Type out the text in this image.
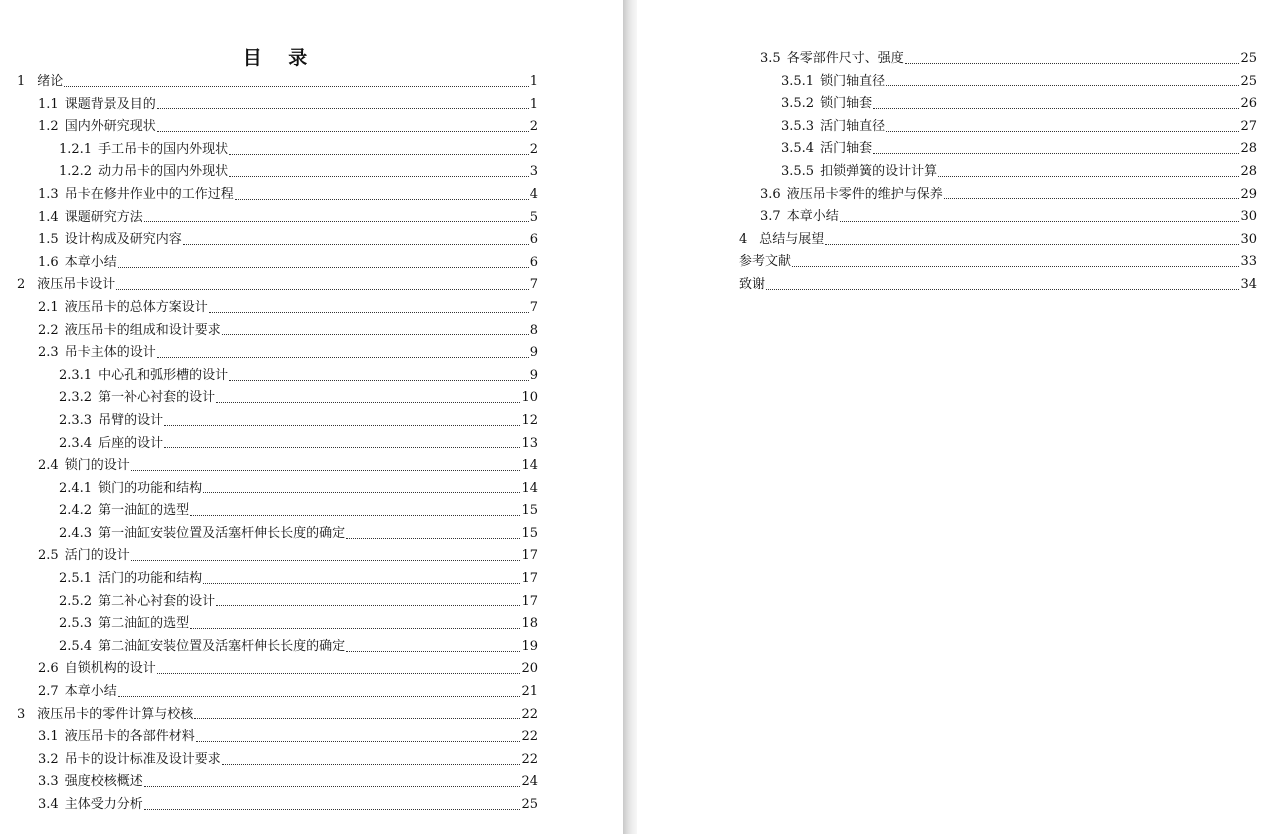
目 录
1 绪论	1
1.1 课题背景及目的	1
1.2 国内外研究现状	2
1.2.1 手工吊卡的国内外现状	2
1.2.2 动力吊卡的国内外现状	3
1.3 吊卡在修井作业中的工作过程	4
1.4 课题研究方法	5
1.5 设计构成及研究内容	6
1.6 本章小结	6
2 液压吊卡设计	7
2.1 液压吊卡的总体方案设计	7
2.2 液压吊卡的组成和设计要求	8
2.3 吊卡主体的设计	9
2.3.1 中心孔和弧形槽的设计	9
2.3.2 第一补心衬套的设计	10
2.3.3 吊臂的设计	12
2.3.4 后座的设计	13
2.4 锁门的设计	14
2.4.1 锁门的功能和结构	14
2.4.2 第一油缸的选型	15
2.4.3 第一油缸安装位置及活塞杆伸长长度的确定	15
2.5 活门的设计	17
2.5.1 活门的功能和结构	17
2.5.2 第二补心衬套的设计	17
2.5.3 第二油缸的选型	18
2.5.4 第二油缸安装位置及活塞杆伸长长度的确定	19
2.6 自锁机构的设计	20
2.7 本章小结	21
3 液压吊卡的零件计算与校核	22
3.1 液压吊卡的各部件材料	22
3.2 吊卡的设计标准及设计要求	22
3.3 强度校核概述	24
3.4 主体受力分析	25
3.5 各零部件尺寸、强度	25
3.5.1 锁门轴直径	25
3.5.2 锁门轴套	26
3.5.3 活门轴直径	27
3.5.4 活门轴套	28
3.5.5 扣锁弹簧的设计计算	28
3.6 液压吊卡零件的维护与保养	29
3.7 本章小结	30
4 总结与展望	30
参考文献	33
致谢	34
